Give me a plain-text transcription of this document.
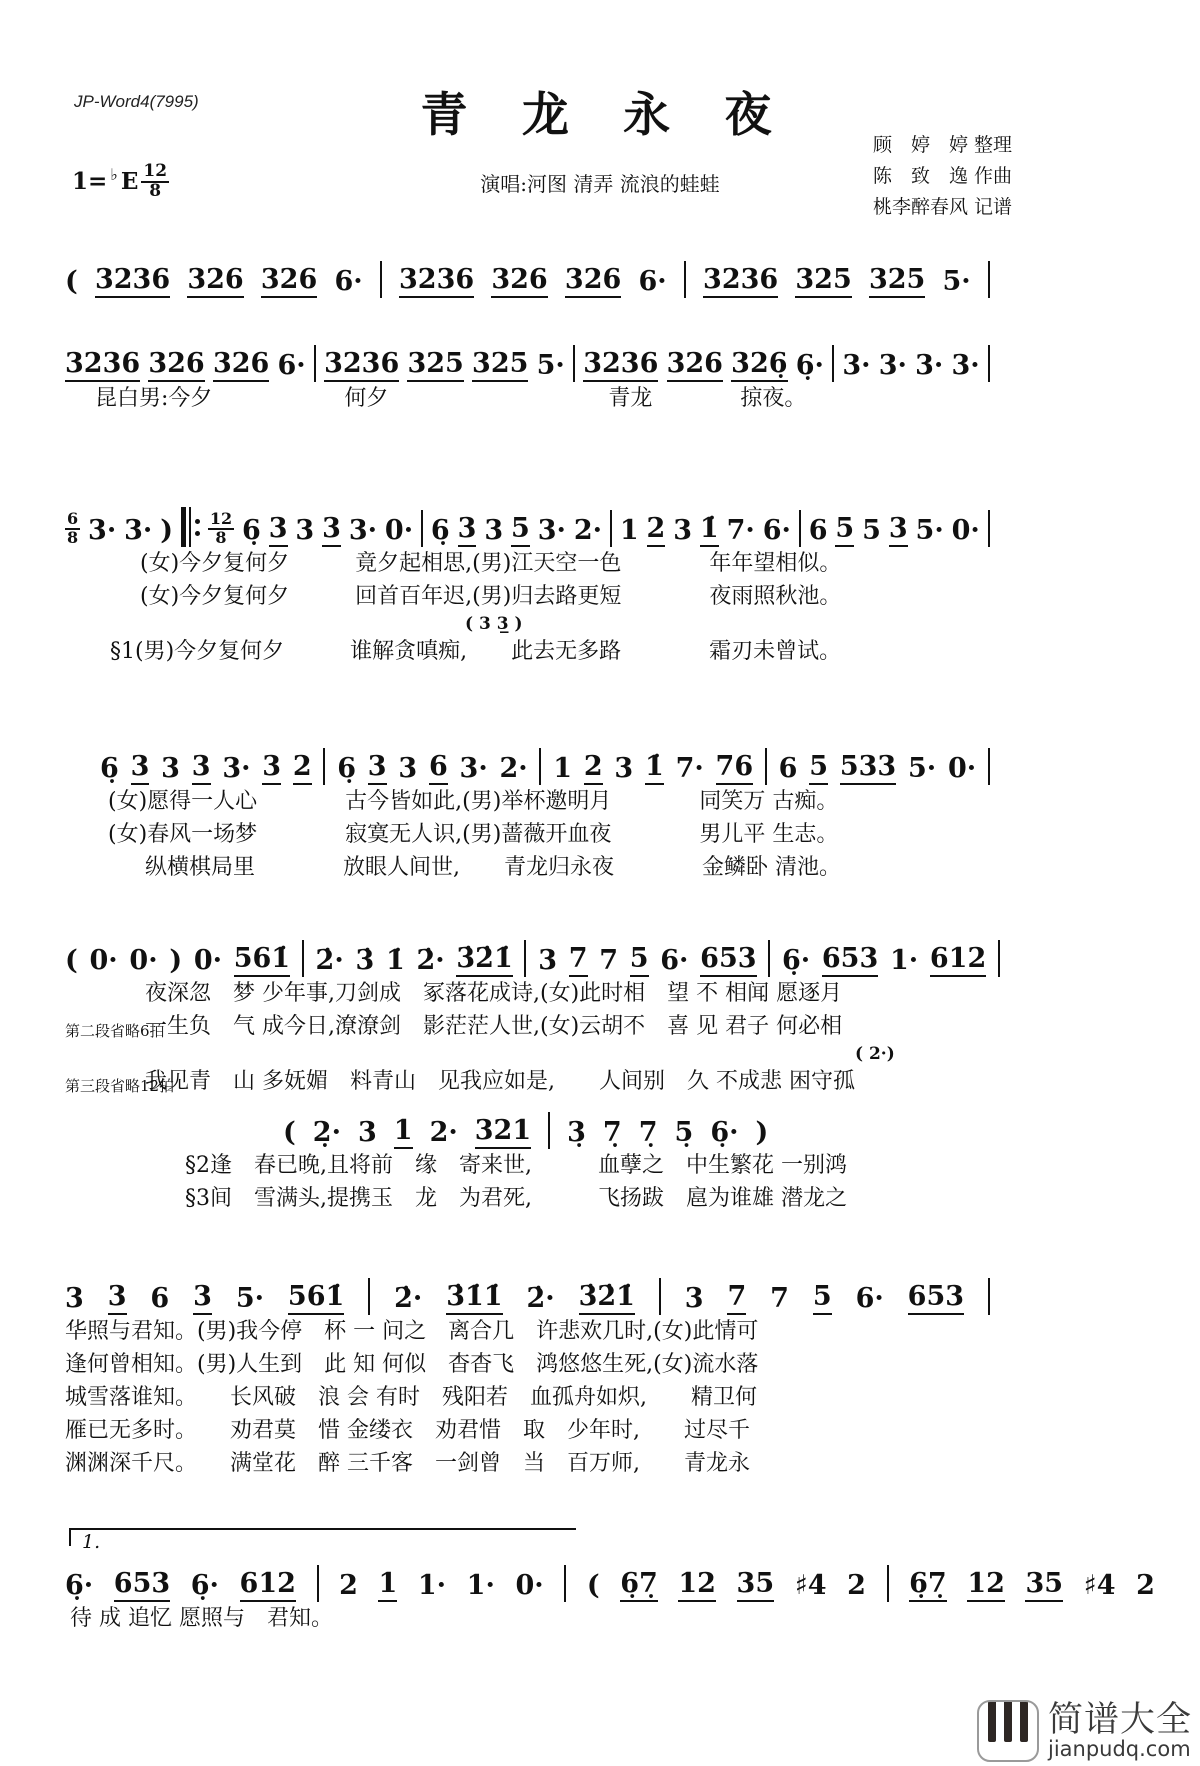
JP-Word4(7995)	青 龙 永 夜
演唱:河图 清弄 流浪的蛙蛙
顾　婷　婷 整理
陈　致　逸 作曲
桃李醉春风 记谱
1= ♭ E 12
8
( 3236 326 326 6· 3236 326 326 6· 3236 325 325 5·
3236 326 326 6· 3236 325 325 5· 3236 326 326̣ 6̣· 3· 3· 3· 3·
昆白男:今夕　　　　　　何夕　　　　　　　　　　青龙　　　　掠夜。
6
8 3· 3· ) 12
8 6̣ 3 3 3 3· 0· 6̣ 3 3 5 3· 2· 1 2 3 1̇ 7· 6· 6 5 5 3 5· 0·
(女)今夕复何夕　　　竟夕起相思,(男)江天空一色　　　　年年望相似。
(女)今夕复何夕　　　回首百年迟,(男)归去路更短　　　　夜雨照秋池。
( 3 3̲ )
§1(男)今夕复何夕　　　谁解贪嗔痴,　　此去无多路　　　　霜刃未曾试。
6̣ 3 3 3 3· 3 2 6̣ 3 3 6 3· 2· 1 2 3 1̇ 7· 76 6 5 533 5· 0·
(女)愿得一人心　　　　古今皆如此,(男)举杯邀明月　　　　同笑万 古痴。
(女)春风一场梦　　　　寂寞无人识,(男)蔷薇开血夜　　　　男儿平 生志。
纵横棋局里　　　　放眼人间世,　　青龙归永夜　　　　金鳞卧 清池。
( 0· 0· ) 0· 561̇ 2̇· 3̇ 1̇ 2̇· 3̇2̇1̇ 3 7 7 5 6· 653 6̣· 653 1· 612
夜深忽　梦 少年事,刀剑成　冢落花成诗,(女)此时相　望 不 相闻 愿逐月
第二段省略6拍
一生负　气 成今日,潦潦剑　影茫茫人世,(女)云胡不　喜 见 君子 何必相
( 2·)
第三段省略12拍
我见青　山 多妩媚　料青山　见我应如是,　　人间别　久 不成悲 困守孤
( 2̣· 3 1 2· 321 3̣ 7̣ 7̣ 5̣ 6̣· )
§2逢　春已晚,且将前　缘　寄来世,　　　血孽之　中生繁花 一别鸿
§3间　雪满头,提携玉　龙　为君死,　　　飞扬跋　扈为谁雄 潜龙之
3 3 6 3 5· 561̇ 2̇· 3̇1̇1̇ 2̇· 3̇2̇1̇ 3 7 7 5 6· 653
华照与君知。(男)我今停　杯 一 问之　离合几　许悲欢几时,(女)此情可
逢何曾相知。(男)人生到　此 知 何似　杳杳飞　鸿悠悠生死,(女)流水落
城雪落谁知。　　长风破　浪 会 有时　残阳若　血孤舟如炽,　　精卫何
雁已无多时。　　劝君莫　惜 金缕衣　劝君惜　取　少年时,　　过尽千
渊渊深千尺。　　满堂花　醉 三千客　一剑曾　当　百万师,　　青龙永
1.
6̣· 653 6̣· 612 2 1 1· 1· 0· ( 6̣7̣ 12 35 ♯4 2 6̣7̣ 12 35 ♯4 2
待 成 追忆 愿照与　君知。
简谱大全
jianpudq.com
